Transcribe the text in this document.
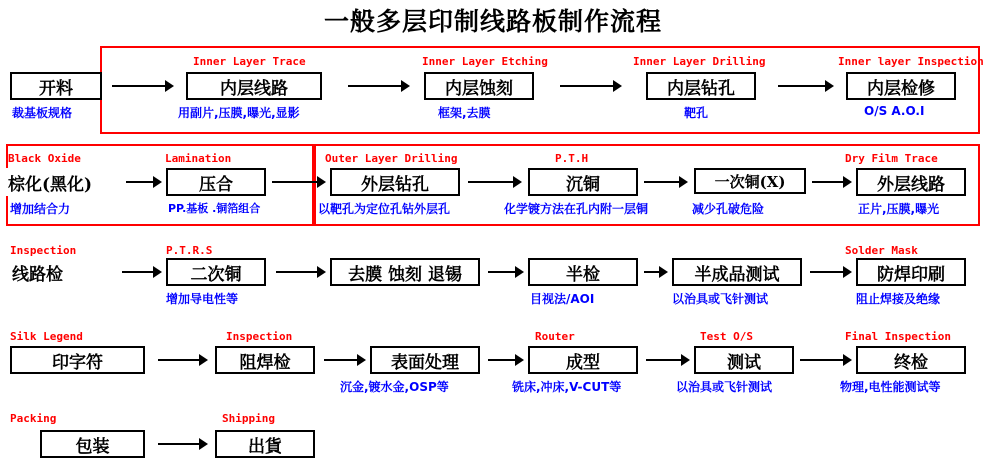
一般多层印制线路板制作流程
Inner Layer Trace	Inner Layer Etching	Inner Layer Drilling	Inner layer Inspection
开料	内层线路	内层蚀刻	内层钻孔	内层检修
裁基板规格	用副片,压膜,曝光,显影	框架,去膜	靶孔	O/S A.O.I
Black Oxide	Lamination	Outer Layer Drilling	P.T.H	Dry Film Trace
棕化(黑化)	压合	外层钻孔	沉铜	一次铜(X)	外层线路
增加结合力	PP.基板 .铜箔组合	以靶孔为定位孔钻外层孔	化学镀方法在孔内附一层铜	减少孔破危险	正片,压膜,曝光
Inspection	P.T.R.S	Solder Mask
线路检	二次铜	去膜 蚀刻 退锡	半检	半成品测试	防焊印刷
增加导电性等	目视法/AOI	以治具或飞针测试	阻止焊接及绝缘
Silk Legend	Inspection	Router	Test O/S	Final Inspection
印字符	阻焊检	表面处理	成型	测试	终检
沉金,镀水金,OSP等	铣床,冲床,V-CUT等	以治具或飞针测试	物理,电性能测试等
Packing	Shipping
包装	出貨
